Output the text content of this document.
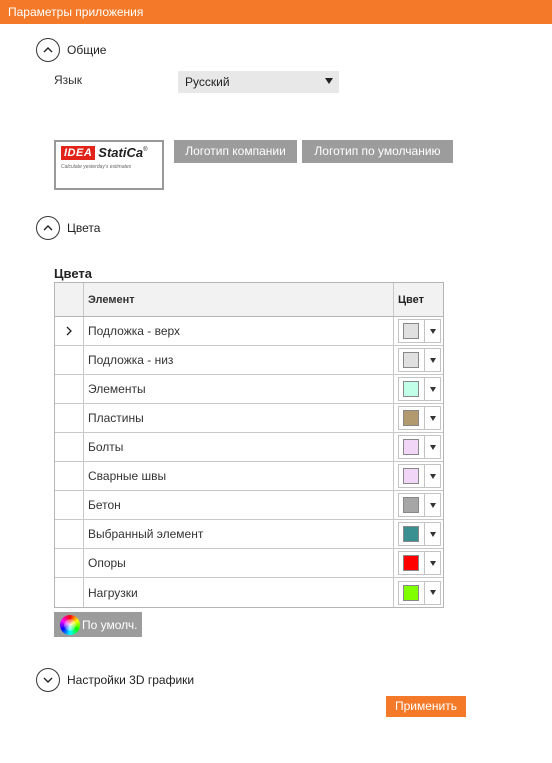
Параметры приложения
Общие
Язык	Русский
IDEA StatiCa ®
Calculate yesterday's estimates
Логотип компании	Логотип по умолчанию
Цвета
Цвета
Элемент	Цвет
Подложка - верх
Подложка - низ
Элементы
Пластины
Болты
Сварные швы
Бетон
Выбранный элемент
Опоры
Нагрузки
По умолч.
Настройки 3D графики
Применить
